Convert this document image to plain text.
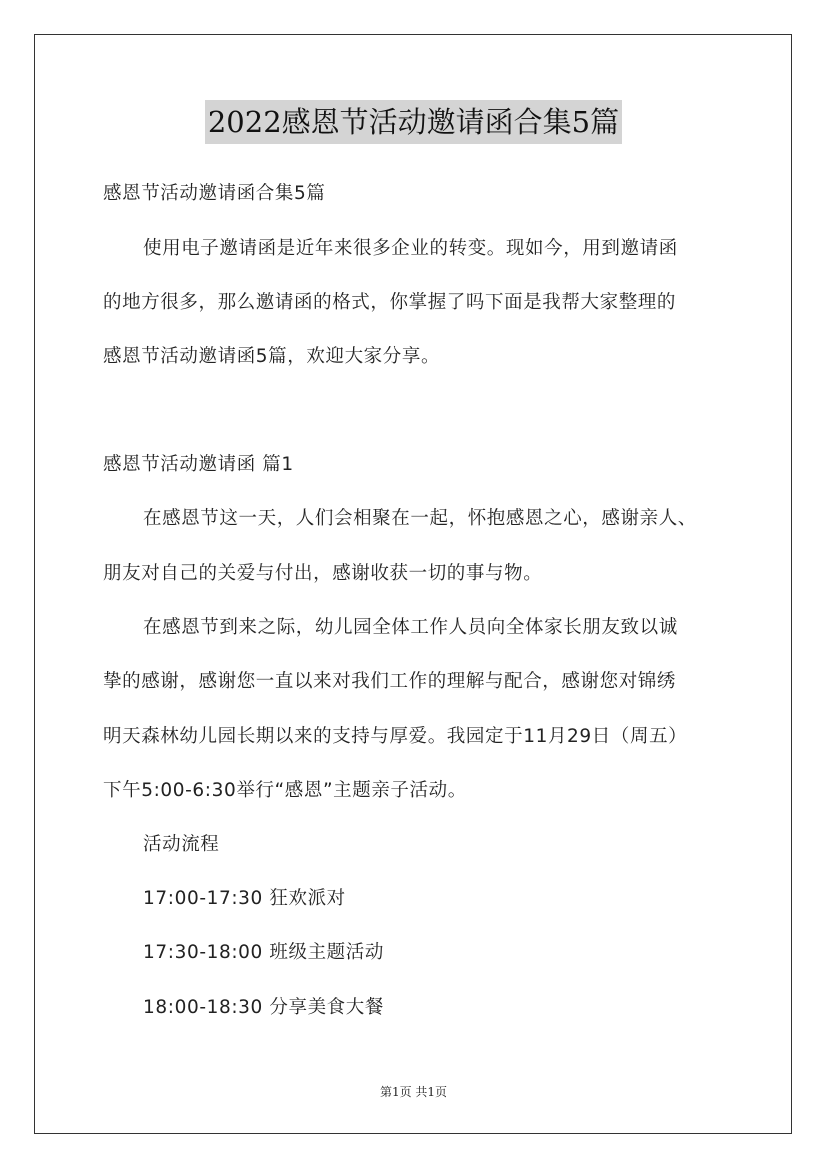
2022感恩节活动邀请函合集5篇
感恩节活动邀请函合集5篇
使用电子邀请函是近年来很多企业的转变。现如今，用到邀请函
的地方很多，那么邀请函的格式，你掌握了吗下面是我帮大家整理的
感恩节活动邀请函5篇，欢迎大家分享。
感恩节活动邀请函 篇1
在感恩节这一天，人们会相聚在一起，怀抱感恩之心，感谢亲人、
朋友对自己的关爱与付出，感谢收获一切的事与物。
在感恩节到来之际，幼儿园全体工作人员向全体家长朋友致以诚
挚的感谢，感谢您一直以来对我们工作的理解与配合，感谢您对锦绣
明天森林幼儿园长期以来的支持与厚爱。我园定于11月29日（周五）
下午5:00-6:30举行“感恩”主题亲子活动。
活动流程
17:00-17:30 狂欢派对
17:30-18:00 班级主题活动
18:00-18:30 分享美食大餐
第1页 共1页
